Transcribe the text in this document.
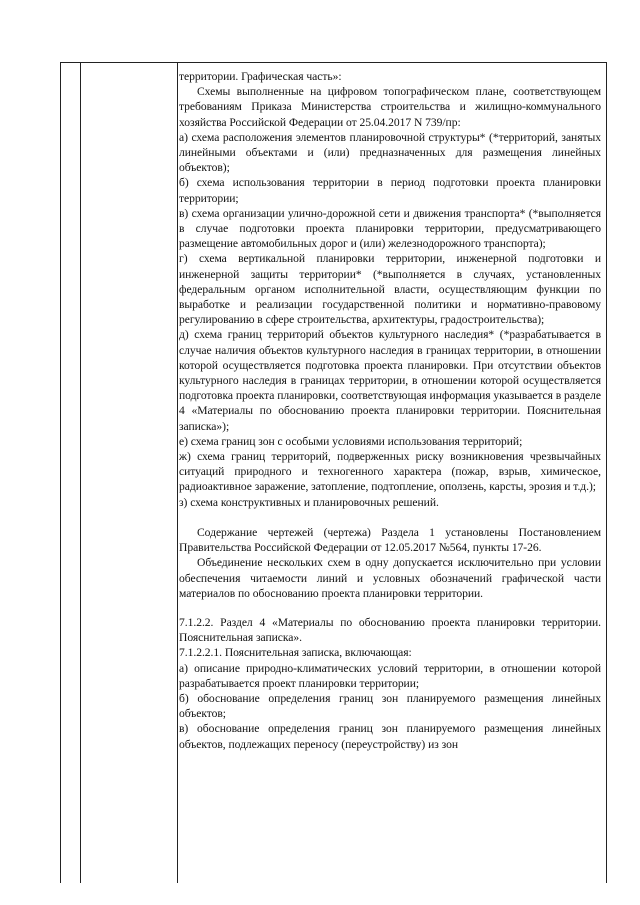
территории. Графическая часть»:

Схемы выполненные на цифровом топографическом плане, соответствующем требованиям Приказа Министерства строительства и жилищно-коммунального хозяйства Российской Федерации от 25.04.2017 N 739/пр:

а) схема расположения элементов планировочной структуры* (*территорий, занятых линейными объектами и (или) предназначенных для размещения линейных объектов);

б) схема использования территории в период подготовки проекта планировки территории;

в) схема организации улично-дорожной сети и движения транспорта* (*выполняется в случае подготовки проекта планировки территории, предусматривающего размещение автомобильных дорог и (или) железнодорожного транспорта);

г) схема вертикальной планировки территории, инженерной подготовки и инженерной защиты территории* (*выполняется в случаях, установленных федеральным органом исполнительной власти, осуществляющим функции по выработке и реализации государственной политики и нормативно-правовому регулированию в сфере строительства, архитектуры, градостроительства);

д) схема границ территорий объектов культурного наследия* (*разрабатывается в случае наличия объектов культурного наследия в границах территории, в отношении которой осуществляется подготовка проекта планировки. При отсутствии объектов культурного наследия в границах территории, в отношении которой осуществляется подготовка проекта планировки, соответствующая информация указывается в разделе 4 «Материалы по обоснованию проекта планировки территории. Пояснительная записка»);

е) схема границ зон с особыми условиями использования территорий;

ж) схема границ территорий, подверженных риску возникновения чрезвычайных ситуаций природного и техногенного характера (пожар, взрыв, химическое, радиоактивное заражение, затопление, подтопление, оползень, карсты, эрозия и т.д.);

з) схема конструктивных и планировочных решений.

Содержание чертежей (чертежа) Раздела 1 установлены Постановлением Правительства Российской Федерации от 12.05.2017 №564, пункты 17-26.

Объединение нескольких схем в одну допускается исключительно при условии обеспечения читаемости линий и условных обозначений графической части материалов по обоснованию проекта планировки территории.

7.1.2.2. Раздел 4 «Материалы по обоснованию проекта планировки территории. Пояснительная записка».

7.1.2.2.1. Пояснительная записка, включающая:

а) описание природно-климатических условий территории, в отношении которой разрабатывается проект планировки территории;

б) обоснование определения границ зон планируемого размещения линейных объектов;

в) обоснование определения границ зон планируемого размещения линейных объектов, подлежащих переносу (переустройству) из зон
